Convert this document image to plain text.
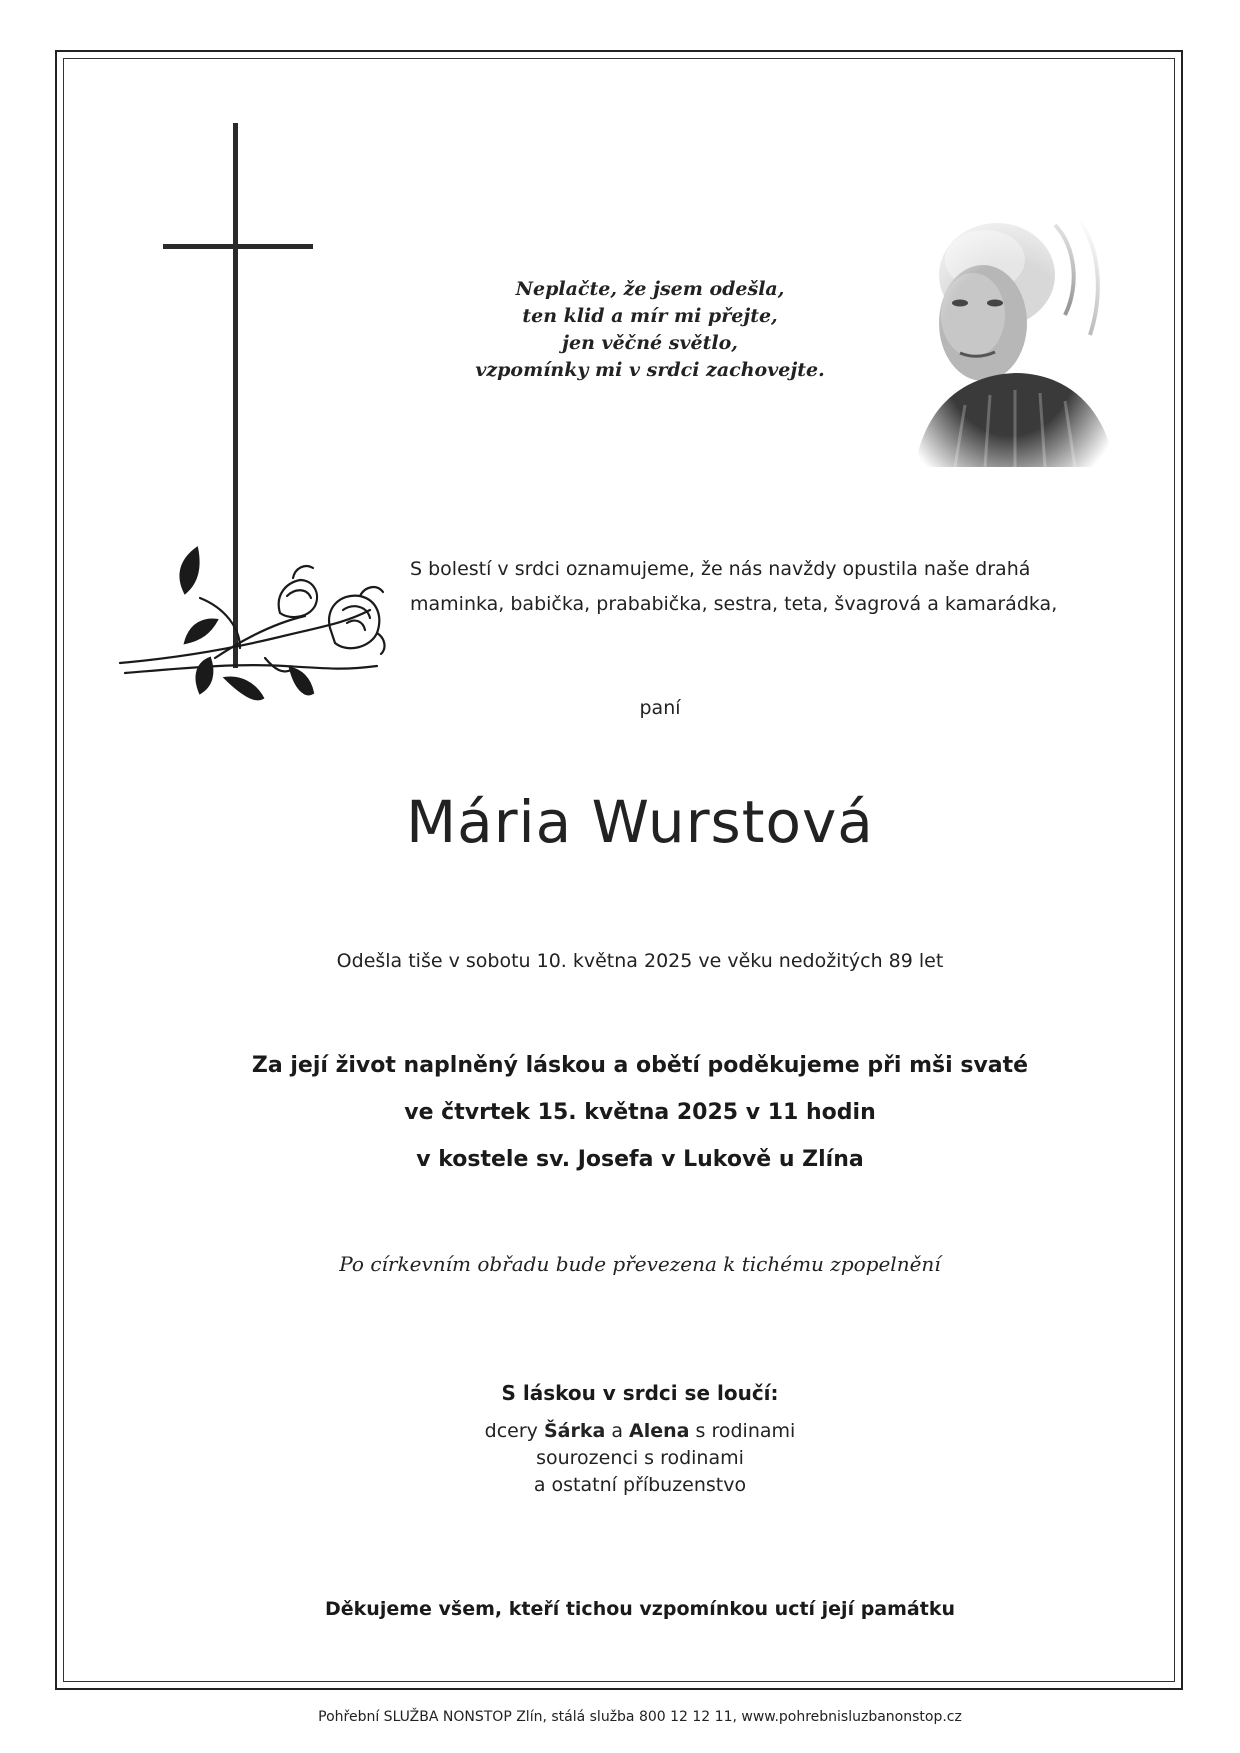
Neplačte, že jsem odešla,
ten klid a mír mi přejte,
jen věčné světlo,
vzpomínky mi v srdci zachovejte.
S bolestí v srdci oznamujeme, že nás navždy opustila naše drahá
maminka, babička, prababička, sestra, teta, švagrová a kamarádka,
paní
Mária Wurstová
Odešla tiše v sobotu 10. května 2025 ve věku nedožitých 89 let
Za její život naplněný láskou a obětí poděkujeme při mši svaté
ve čtvrtek 15. května 2025 v 11 hodin
v kostele sv. Josefa v Lukově u Zlína
Po církevním obřadu bude převezena k tichému zpopelnění
S láskou v srdci se loučí:
dcery Šárka a Alena s rodinami
sourozenci s rodinami
a ostatní příbuzenstvo
Děkujeme všem, kteří tichou vzpomínkou uctí její památku
Pohřební SLUŽBA NONSTOP Zlín, stálá služba 800 12 12 11, www.pohrebnisluzbanonstop.cz
